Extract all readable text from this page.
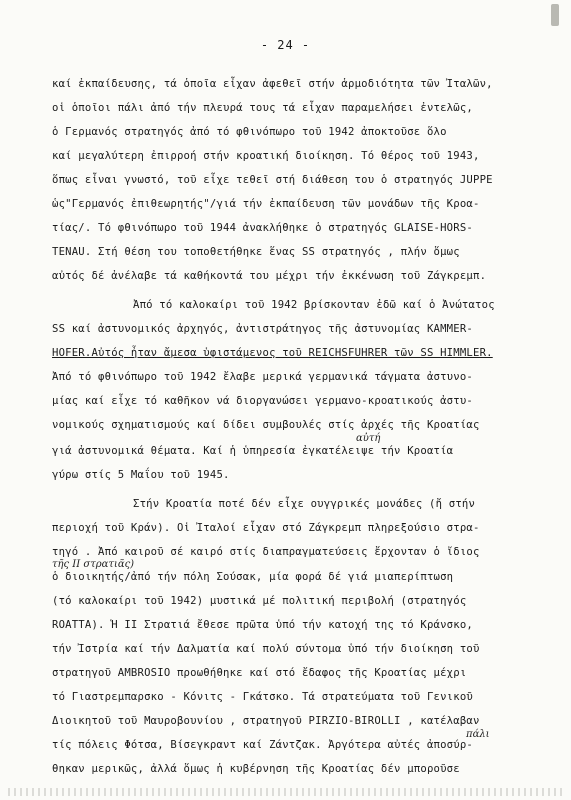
- 24 -
καί ἐκπαίδευσης, τά ὁποῖα εἶχαν ἀφεθεῖ στήν ἁρμοδιότητα τῶν Ἰταλῶν,
οἱ ὁποῖοι πάλι ἀπό τήν πλευρά τους τά εἶχαν παραμελήσει ἐντελῶς,
ὁ Γερμανός στρατηγός ἀπό τό φθινόπωρο τοῦ 1942 ἀποκτοῦσε ὅλο
καί μεγαλύτερη ἐπιρροή στήν κροατική διοίκηση. Τό θέρος τοῦ 1943,
ὅπως εἶναι γνωστό, τοῦ εἶχε τεθεῖ στή διάθεση του ὁ στρατηγός JUPPE
ὡς"Γερμανός ἐπιθεωρητής"/γιά τήν ἐκπαίδευση τῶν μονάδων τῆς Κροα-
τίας/. Τό φθινόπωρο τοῦ 1944 ἀνακλήθηκε ὁ στρατηγός GLAISE-HORS-
TENAU. Στή θέση του τοποθετήθηκε ἕνας SS στρατηγός , πλήν ὅμως
αὐτός δέ ἀνέλαβε τά καθήκοντά του μέχρι τήν ἐκκένωση τοῦ Ζάγκρεμπ.
Ἀπό τό καλοκαίρι τοῦ 1942 βρίσκονταν ἐδῶ καί ὁ Ἀνώτατος
SS καί ἀστυνομικός ἀρχηγός, ἀντιστράτηγος τῆς ἀστυνομίας KAMMER-
HOFER.Αὐτός ἦταν ἄμεσα ὑφιστάμενος τοῦ REICHSFUHRER τῶν SS HIMMLER.
Ἀπό τό φθινόπωρο τοῦ 1942 ἔλαβε μερικά γερμανικά τάγματα ἀστυνο-
μίας καί εἶχε τό καθῆκον νά διοργανώσει γερμανο-κροατικούς ἀστυ-
νομικούς σχηματισμούς καί δίδει συμβουλές στίς ἀρχές τῆς Κροατίας
αὐτή
γιά ἀστυνομικά θέματα. Καί ἡ ὑπηρεσία ἐγκατέλειψε τήν Κροατία
γύρω στίς 5 Μαΐου τοῦ 1945.
Στήν Κροατία ποτέ δέν εἶχε ουγγρικές μονάδες (ἤ στήν
περιοχή τοῦ Κράν). Οἱ Ἰταλοί εἶχαν στό Ζάγκρεμπ πληρεξούσιο στρα-
τηγό . Ἀπό καιροῦ σέ καιρό στίς διαπραγματεύσεις ἔρχονταν ὁ ἴδιος
τῆς II στρατιᾶς)
ὁ διοικητής/ἀπό τήν πόλη Σούσακ, μία φορά δέ γιά μιαπερίπτωση
(τό καλοκαίρι τοῦ 1942) μυστικά μέ πολιτική περιβολή (στρατηγός
ROATTA). Ἡ II Στρατιά ἔθεσε πρῶτα ὑπό τήν κατοχή της τό Κράνσκο,
τήν Ἰστρία καί τήν Δαλματία καί πολύ σύντομα ὑπό τήν διοίκηση τοῦ
στρατηγοῦ AMBROSIO προωθήθηκε καί στό ἔδαφος τῆς Κροατίας μέχρι
τό Γιαστρεμπαρσκο - Κόνιτς - Γκάτσκο. Τά στρατεύματα τοῦ Γενικοῦ
Διοικητοῦ τοῦ Μαυροβουνίου , στρατηγοῦ PIRZIO-BIROLLI , κατέλαβαν
πάλι
τίς πόλεις Φότσα, Βίσεγκραντ καί Ζάντζακ. Ἀργότερα αὐτές ἀποσύρ-
θηκαν μερικῶς, ἀλλά ὅμως ἡ κυβέρνηση τῆς Κροατίας δέν μποροῦσε
